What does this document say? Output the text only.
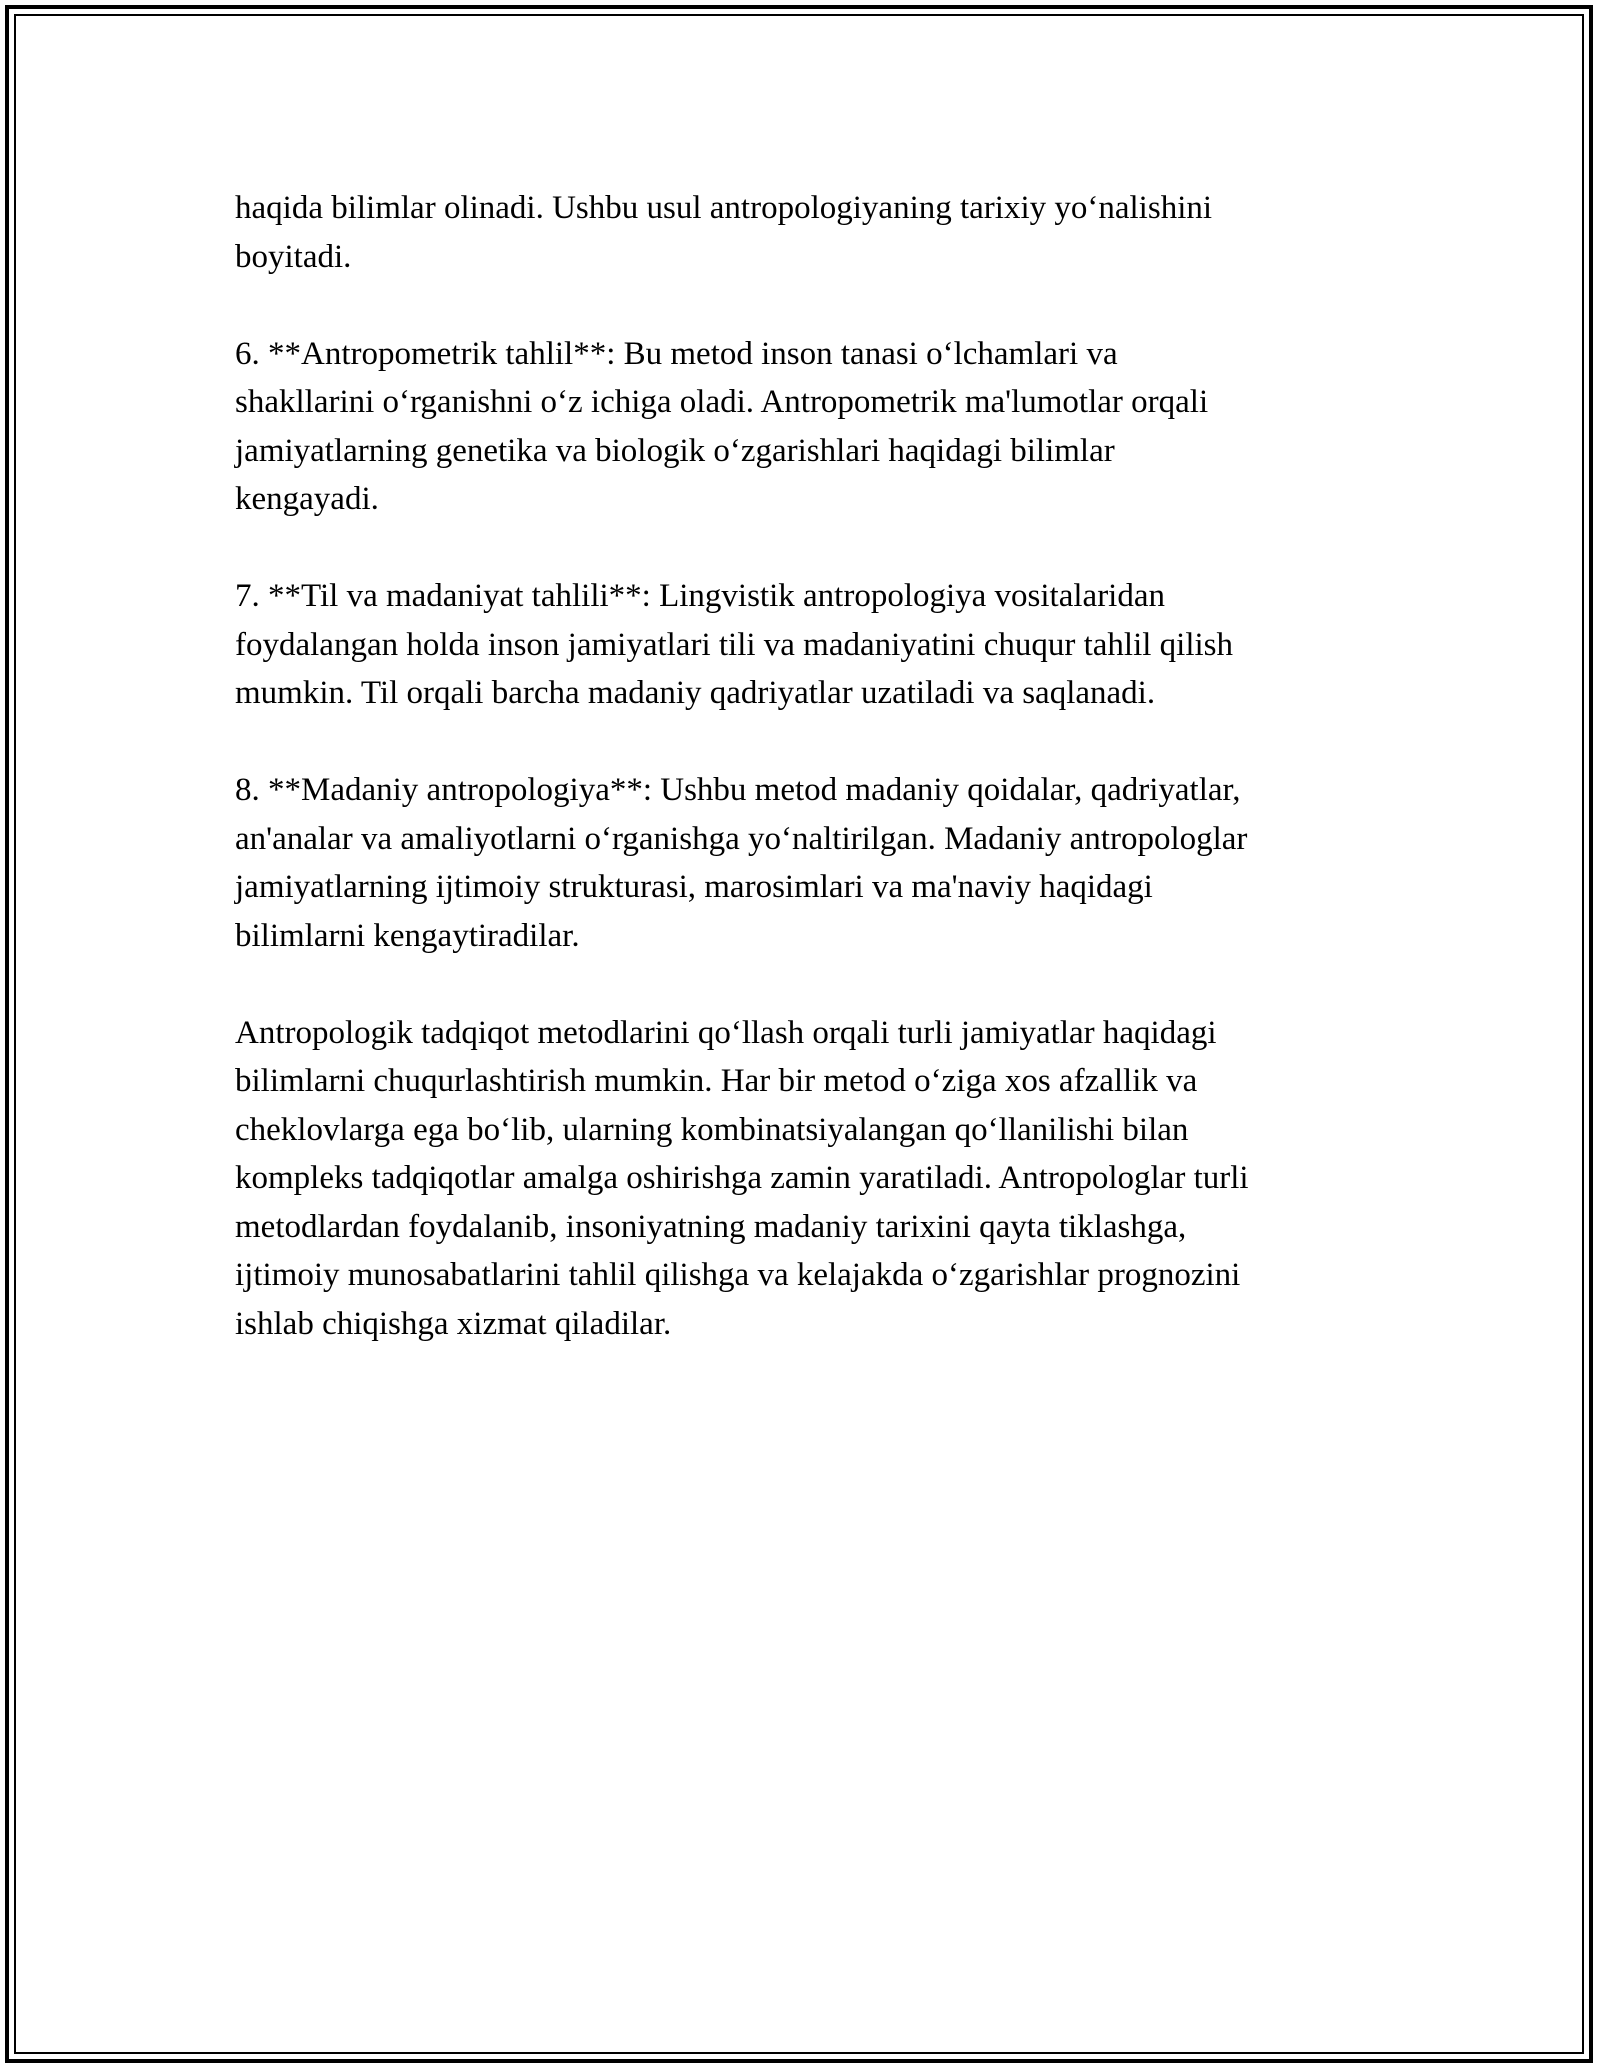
haqida bilimlar olinadi. Ushbu usul antropologiyaning tarixiy yo‘nalishini
boyitadi.

6. **Antropometrik tahlil**: Bu metod inson tanasi o‘lchamlari va
shakllarini o‘rganishni o‘z ichiga oladi. Antropometrik ma'lumotlar orqali
jamiyatlarning genetika va biologik o‘zgarishlari haqidagi bilimlar
kengayadi.

7. **Til va madaniyat tahlili**: Lingvistik antropologiya vositalaridan
foydalangan holda inson jamiyatlari tili va madaniyatini chuqur tahlil qilish
mumkin. Til orqali barcha madaniy qadriyatlar uzatiladi va saqlanadi.

8. **Madaniy antropologiya**: Ushbu metod madaniy qoidalar, qadriyatlar,
an'analar va amaliyotlarni o‘rganishga yo‘naltirilgan. Madaniy antropologlar
jamiyatlarning ijtimoiy strukturasi, marosimlari va ma'naviy haqidagi
bilimlarni kengaytiradilar.

Antropologik tadqiqot metodlarini qo‘llash orqali turli jamiyatlar haqidagi
bilimlarni chuqurlashtirish mumkin. Har bir metod o‘ziga xos afzallik va
cheklovlarga ega bo‘lib, ularning kombinatsiyalangan qo‘llanilishi bilan
kompleks tadqiqotlar amalga oshirishga zamin yaratiladi. Antropologlar turli
metodlardan foydalanib, insoniyatning madaniy tarixini qayta tiklashga,
ijtimoiy munosabatlarini tahlil qilishga va kelajakda o‘zgarishlar prognozini
ishlab chiqishga xizmat qiladilar.
